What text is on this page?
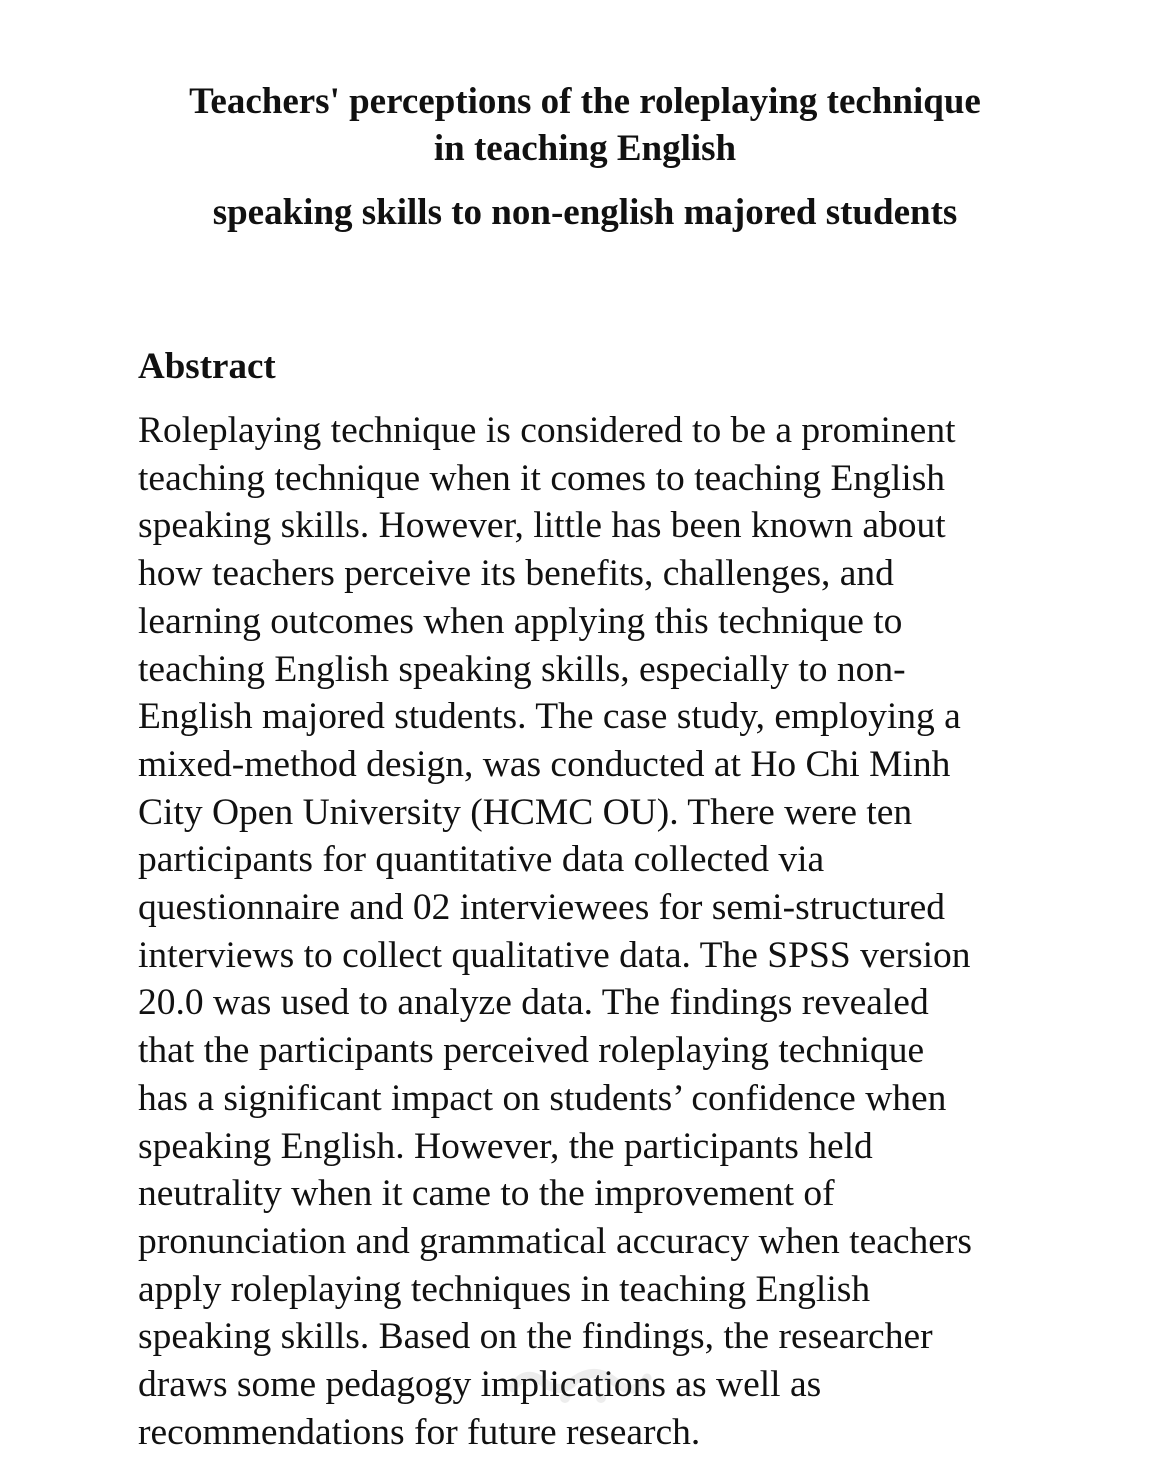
Teachers' perceptions of the roleplaying technique

in teaching English

speaking skills to non-english majored students

Abstract
Roleplaying technique is considered to be a prominent
teaching technique when it comes to teaching English
speaking skills. However, little has been known about
how teachers perceive its benefits, challenges, and
learning outcomes when applying this technique to
teaching English speaking skills, especially to non-
English majored students. The case study, employing a
mixed-method design, was conducted at Ho Chi Minh
City Open University (HCMC OU). There were ten
participants for quantitative data collected via
questionnaire and 02 interviewees for semi-structured
interviews to collect qualitative data. The SPSS version
20.0 was used to analyze data. The findings revealed
that the participants perceived roleplaying technique
has a significant impact on students’ confidence when
speaking English. However, the participants held
neutrality when it came to the improvement of
pronunciation and grammatical accuracy when teachers
apply roleplaying techniques in teaching English
speaking skills. Based on the findings, the researcher
draws some pedagogy implications as well as
recommendations for future research.
